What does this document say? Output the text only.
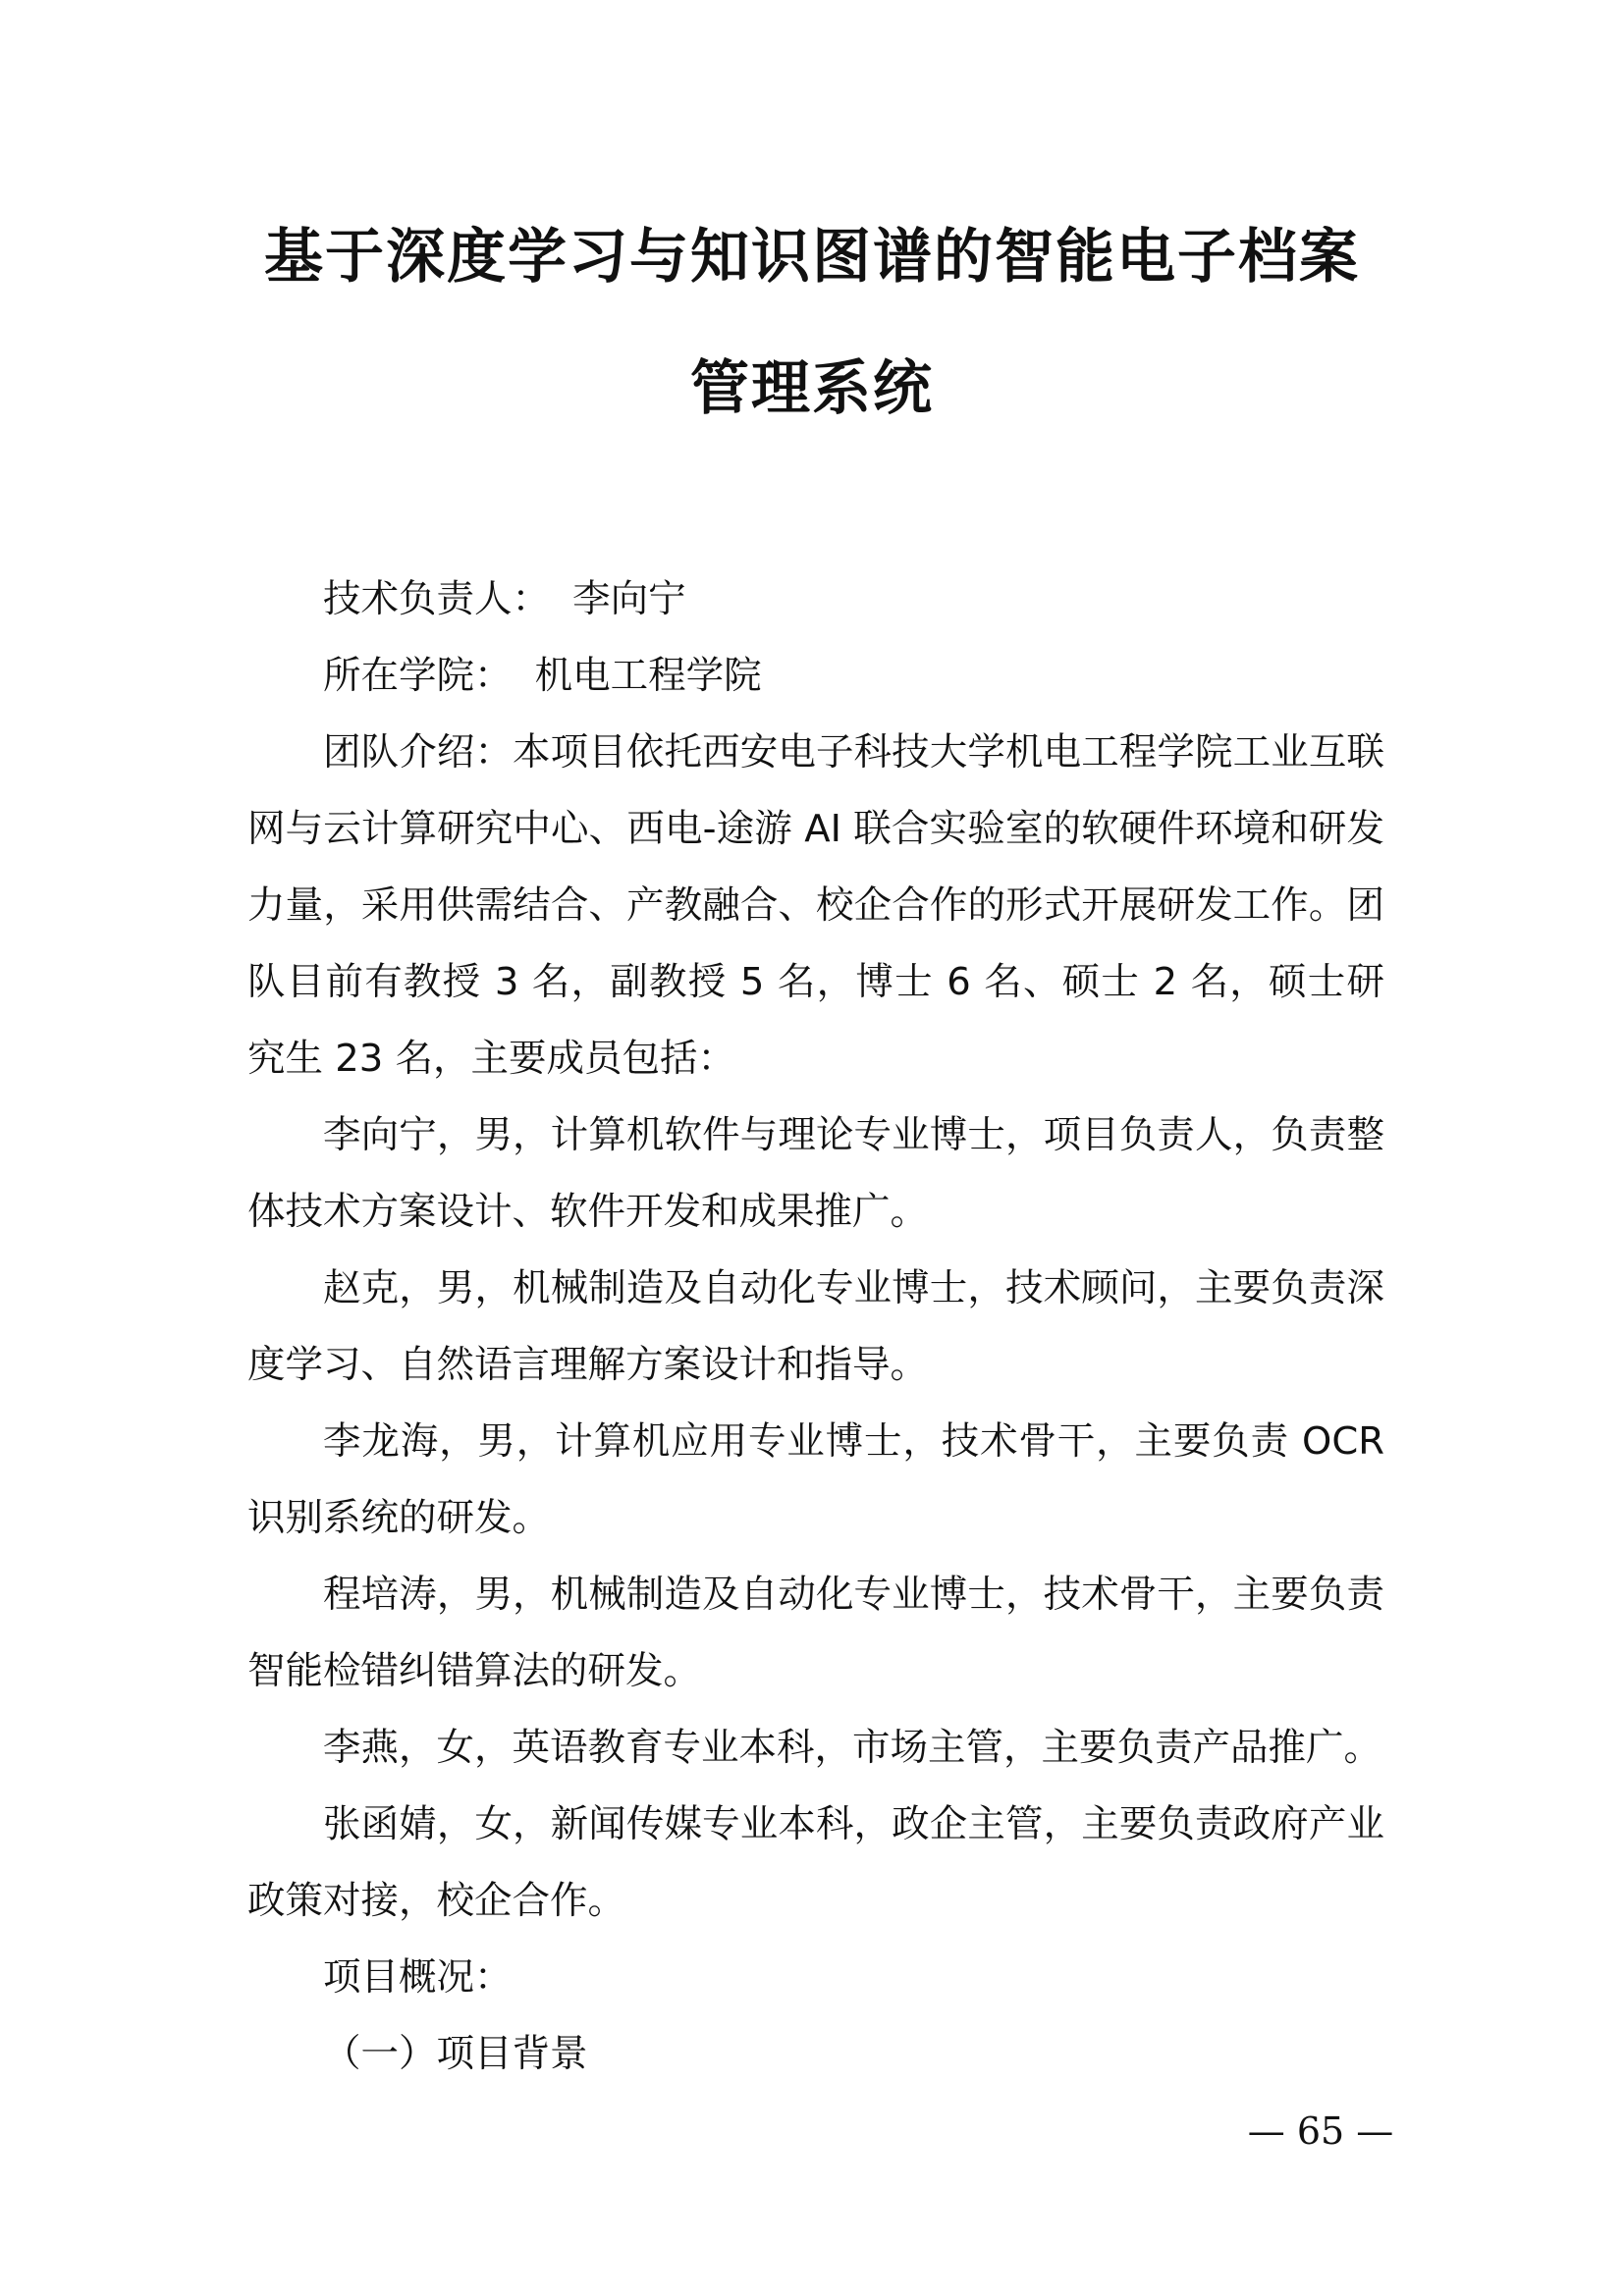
基于深度学习与知识图谱的智能电子档案
管理系统

技术负责人： 李向宁

所在学院： 机电工程学院

团队介绍：本项目依托西安电子科技大学机电工程学院工业互联网与云计算研究中心、西电-途游 AI 联合实验室的软硬件环境和研发力量，采用供需结合、产教融合、校企合作的形式开展研发工作。团队目前有教授 3 名，副教授 5 名，博士 6 名、硕士 2 名，硕士研究生 23 名，主要成员包括：

李向宁，男，计算机软件与理论专业博士，项目负责人，负责整体技术方案设计、软件开发和成果推广。

赵克，男，机械制造及自动化专业博士，技术顾问，主要负责深度学习、自然语言理解方案设计和指导。

李龙海，男，计算机应用专业博士，技术骨干，主要负责 OCR 识别系统的研发。

程培涛，男，机械制造及自动化专业博士，技术骨干，主要负责智能检错纠错算法的研发。

李燕，女，英语教育专业本科，市场主管，主要负责产品推广。

张函婧，女，新闻传媒专业本科，政企主管，主要负责政府产业政策对接，校企合作。

项目概况：

（一）项目背景

— 65 —
